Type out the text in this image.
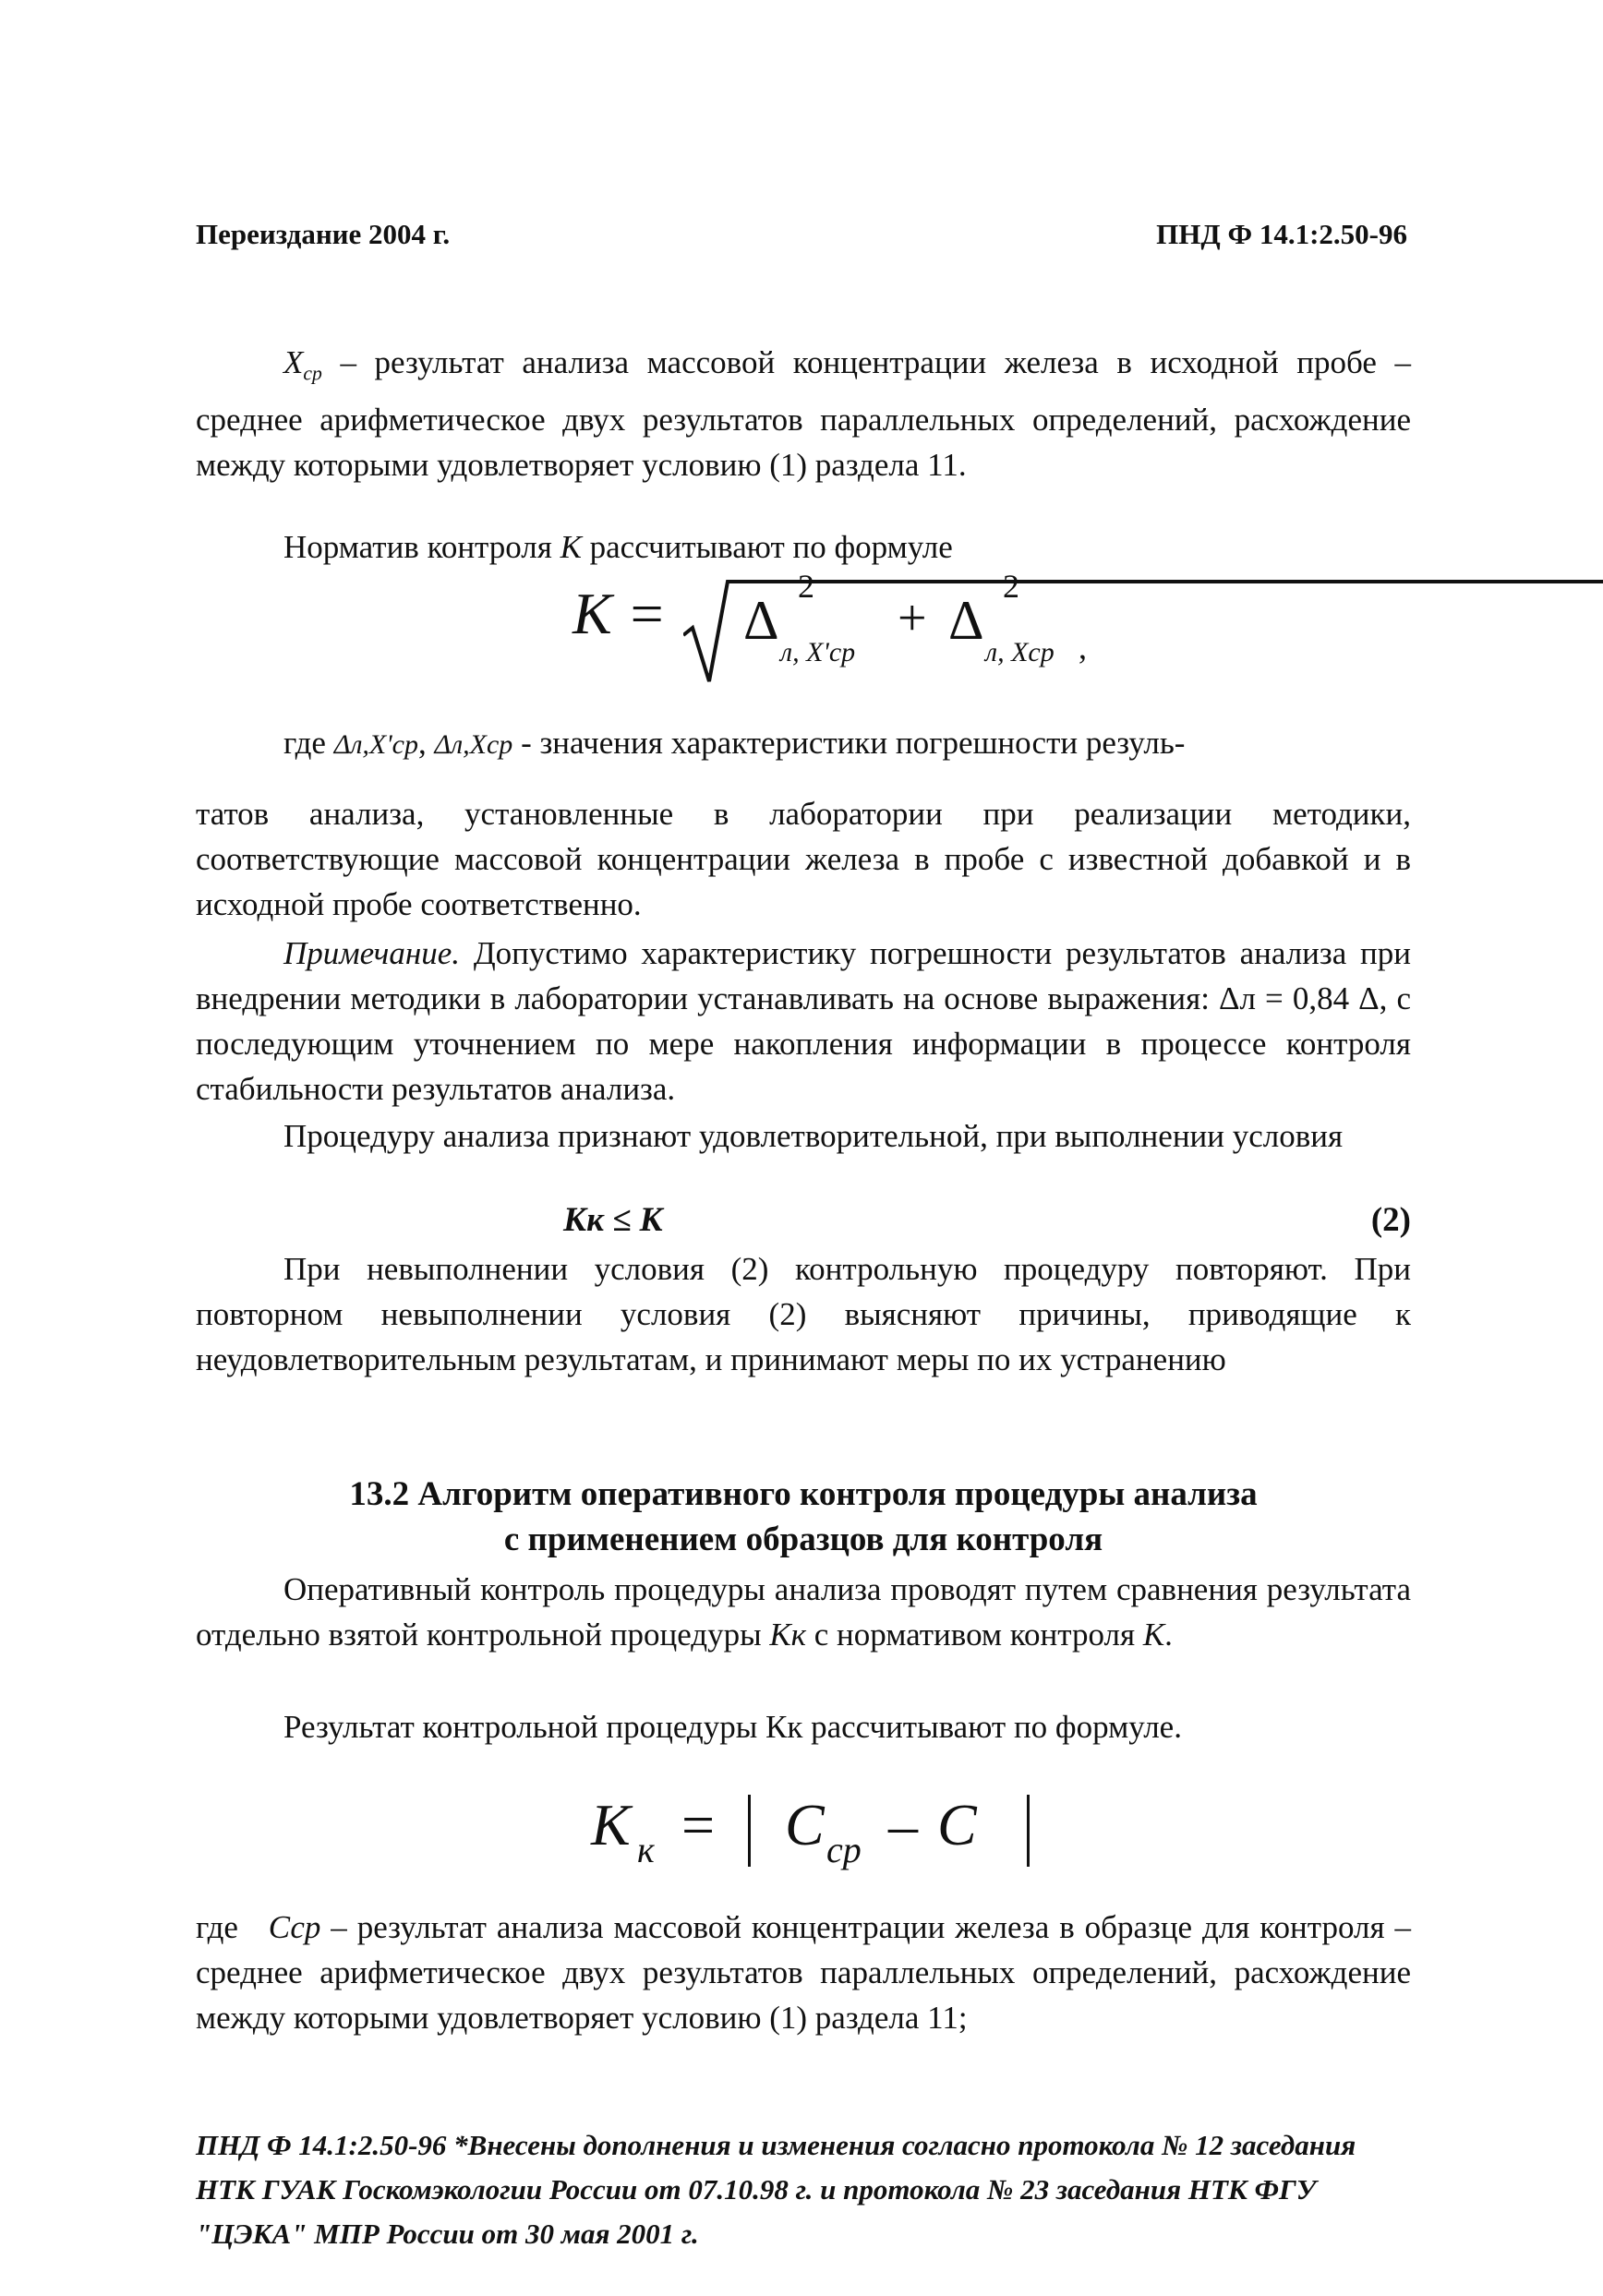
Переиздание 2004 г.	ПНД Ф 14.1:2.50-96
$X_{ср}$ – результат анализа массовой концентрации железа в исходной пробе – среднее арифметическое двух результатов параллельных определений, расхождение между которыми удовлетворяет условию (1) раздела 11.
Норматив контроля К рассчитывают по формуле
К = Δ
2
л, X'ср
+ Δ
2
л, Xср ,
где Δл,X'ср, Δл,Xср - значения характеристики погрешности резуль-
татов анализа, установленные в лаборатории при реализации методики, соответствующие массовой концентрации железа в пробе с известной добавкой и в исходной пробе соответственно.
Примечание. Допустимо характеристику погрешности результатов анализа при внедрении методики в лаборатории устанавливать на основе выражения: Δл = 0,84 Δ, с последующим уточнением по мере накопления информации в процессе контроля стабильности результатов анализа.
Процедуру анализа признают удовлетворительной, при выполнении условия
Кк ≤ К	(2)
При невыполнении условия (2) контрольную процедуру повторяют. При повторном невыполнении условия (2) выясняют причины, приводящие к неудовлетворительным результатам, и принимают меры по их устранению
13.2 Алгоритм оперативного контроля процедуры анализа
с применением образцов для контроля
Оперативный контроль процедуры анализа проводят путем сравнения результата отдельно взятой контрольной процедуры Кк с нормативом контроля К.
Результат контрольной процедуры Кк рассчитывают по формуле.
К к = С ср – С
где Сср – результат анализа массовой концентрации железа в образце для контроля – среднее арифметическое двух результатов параллельных определений, расхождение между которыми удовлетворяет условию (1) раздела 11;
ПНД Ф 14.1:2.50-96 *Внесены дополнения и изменения согласно протокола № 12 заседания НТК ГУАК Госкомэкологии России от 07.10.98 г. и протокола № 23 заседания НТК ФГУ "ЦЭКА" МПР России от 30 мая 2001 г.
